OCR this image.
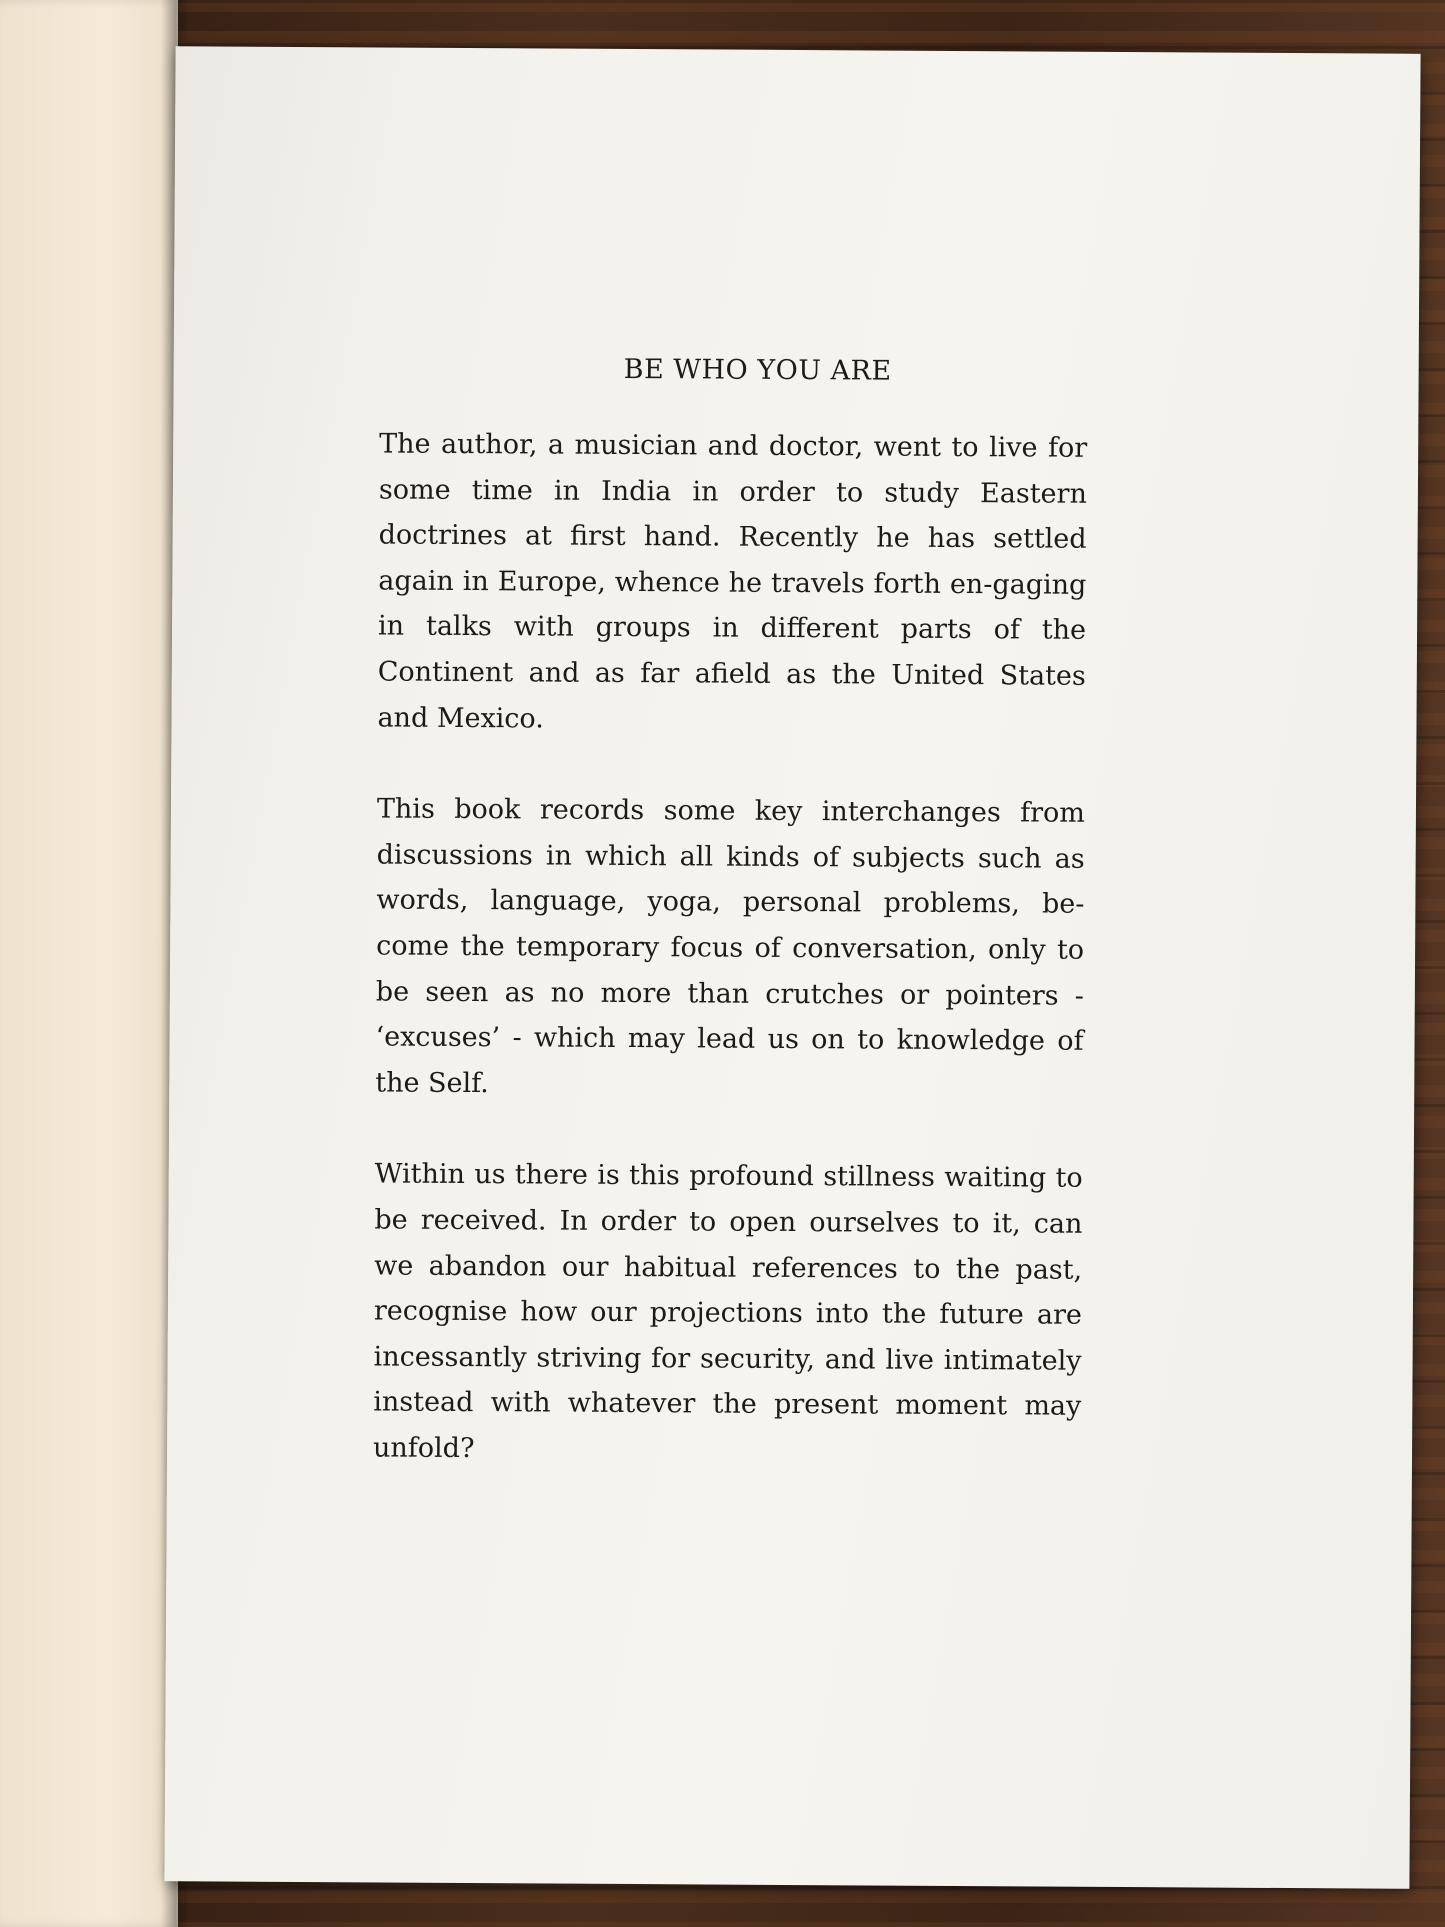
BE WHO YOU ARE

The author, a musician and doctor, went to live for some time in India in order to study Eastern doctrines at first hand. Recently he has settled again in Europe, whence he travels forth en-gaging in talks with groups in different parts of the Continent and as far afield as the United States and Mexico.

This book records some key interchanges from discussions in which all kinds of subjects such as words, language, yoga, personal problems, be-come the temporary focus of conversation, only to be seen as no more than crutches or pointers - ‘excuses’ - which may lead us on to knowledge of the Self.

Within us there is this profound stillness waiting to be received. In order to open ourselves to it, can we abandon our habitual references to the past, recognise how our projections into the future are incessantly striving for security, and live intimately instead with whatever the present moment may unfold?
